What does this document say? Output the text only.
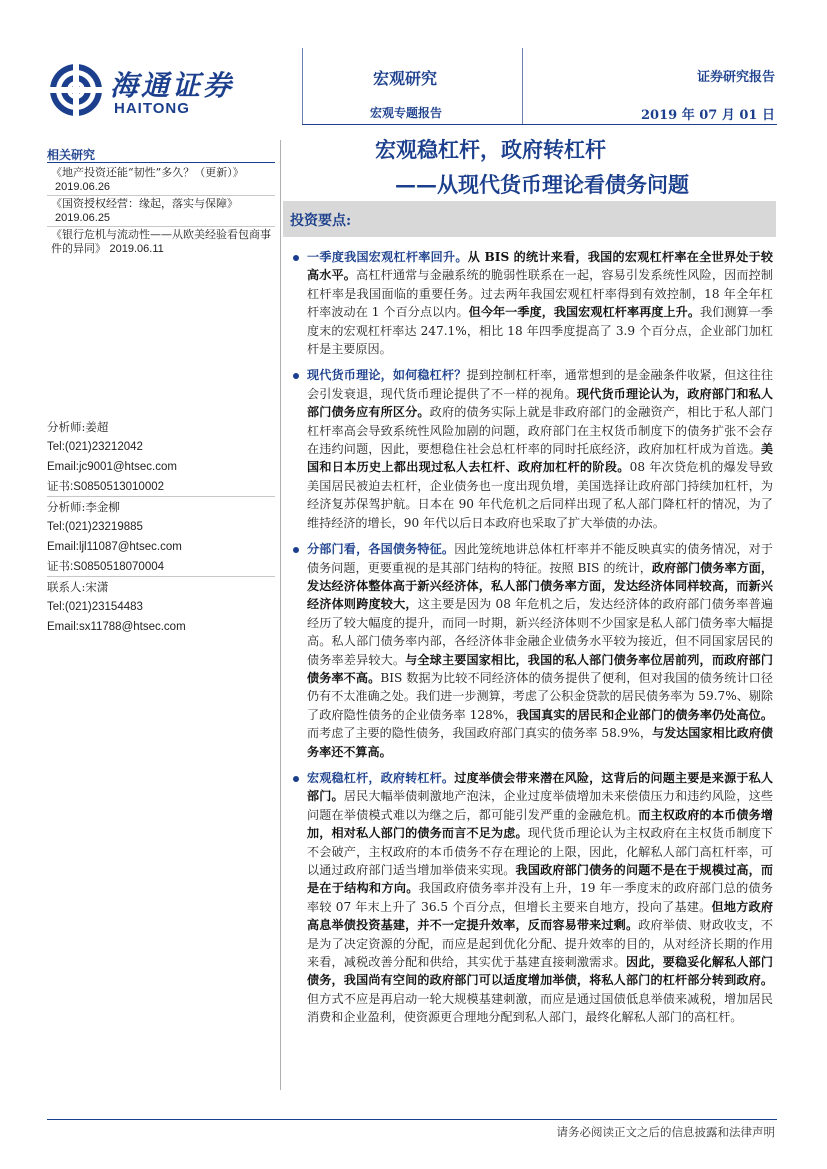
海通证券
HAITONG
宏观研究
宏观专题报告
证券研究报告
2019 年 07 月 01 日
宏观稳杠杆，政府转杠杆
——从现代货币理论看债务问题
相关研究
《地产投资还能“韧性”多久？（更新）》
2019.06.26
《国资授权经营：缘起，落实与保障》
2019.06.25
《银行危机与流动性——从欧美经验看包商事件的异同》 2019.06.11
分析师:姜超
Tel:(021)23212042
Email:jc9001@htsec.com
证书:S0850513010002
分析师:李金柳
Tel:(021)23219885
Email:ljl11087@htsec.com
证书:S0850518070004
联系人:宋潇
Tel:(021)23154483
Email:sx11788@htsec.com
投资要点:
一季度我国宏观杠杆率回升。从 BIS 的统计来看，我国的宏观杠杆率在全世界处于较高水平。高杠杆通常与金融系统的脆弱性联系在一起，容易引发系统性风险，因而控制杠杆率是我国面临的重要任务。过去两年我国宏观杠杆率得到有效控制，18 年全年杠杆率波动在 1 个百分点以内。但今年一季度，我国宏观杠杆率再度上升。我们测算一季度末的宏观杠杆率达 247.1%，相比 18 年四季度提高了 3.9 个百分点，企业部门加杠杆是主要原因。
现代货币理论，如何稳杠杆？提到控制杠杆率，通常想到的是金融条件收紧，但这往往会引发衰退，现代货币理论提供了不一样的视角。现代货币理论认为，政府部门和私人部门债务应有所区分。政府的债务实际上就是非政府部门的金融资产，相比于私人部门杠杆率高会导致系统性风险加剧的问题，政府部门在主权货币制度下的债务扩张不会存在违约问题，因此，要想稳住社会总杠杆率的同时托底经济，政府加杠杆成为首选。美国和日本历史上都出现过私人去杠杆、政府加杠杆的阶段。08 年次贷危机的爆发导致美国居民被迫去杠杆，企业债务也一度出现负增，美国选择让政府部门持续加杠杆，为经济复苏保驾护航。日本在 90 年代危机之后同样出现了私人部门降杠杆的情况，为了维持经济的增长，90 年代以后日本政府也采取了扩大举债的办法。
分部门看，各国债务特征。因此笼统地讲总体杠杆率并不能反映真实的债务情况，对于债务问题，更要重视的是其部门结构的特征。按照 BIS 的统计，政府部门债务率方面，发达经济体整体高于新兴经济体，私人部门债务率方面，发达经济体同样较高，而新兴经济体则跨度较大，这主要是因为 08 年危机之后，发达经济体的政府部门债务率普遍经历了较大幅度的提升，而同一时期，新兴经济体则不少国家是私人部门债务率大幅提高。私人部门债务率内部，各经济体非金融企业债务水平较为接近，但不同国家居民的债务率差异较大。与全球主要国家相比，我国的私人部门债务率位居前列，而政府部门债务率不高。BIS 数据为比较不同经济体的债务提供了便利，但对我国的债务统计口径仍有不太准确之处。我们进一步测算，考虑了公积金贷款的居民债务率为 59.7%、剔除了政府隐性债务的企业债务率 128%，我国真实的居民和企业部门的债务率仍处高位。而考虑了主要的隐性债务，我国政府部门真实的债务率 58.9%，与发达国家相比政府债务率还不算高。
宏观稳杠杆，政府转杠杆。过度举债会带来潜在风险，这背后的问题主要是来源于私人部门。居民大幅举债刺激地产泡沫，企业过度举债增加未来偿债压力和违约风险，这些问题在举债模式难以为继之后，都可能引发严重的金融危机。而主权政府的本币债务增加，相对私人部门的债务而言不足为虑。现代货币理论认为主权政府在主权货币制度下不会破产，主权政府的本币债务不存在理论的上限，因此，化解私人部门高杠杆率，可以通过政府部门适当增加举债来实现。我国政府部门债务的问题不是在于规模过高，而是在于结构和方向。我国政府债务率并没有上升，19 年一季度末的政府部门总的债务率较 07 年末上升了 36.5 个百分点，但增长主要来自地方，投向了基建。但地方政府高息举债投资基建，并不一定提升效率，反而容易带来过剩。政府举债、财政收支，不是为了决定资源的分配，而应是起到优化分配、提升效率的目的，从对经济长期的作用来看，减税改善分配和供给，其实优于基建直接刺激需求。因此，要稳妥化解私人部门债务，我国尚有空间的政府部门可以适度增加举债，将私人部门的杠杆部分转到政府。但方式不应是再启动一轮大规模基建刺激，而应是通过国债低息举债来减税，增加居民消费和企业盈利，使资源更合理地分配到私人部门，最终化解私人部门的高杠杆。
请务必阅读正文之后的信息披露和法律声明
